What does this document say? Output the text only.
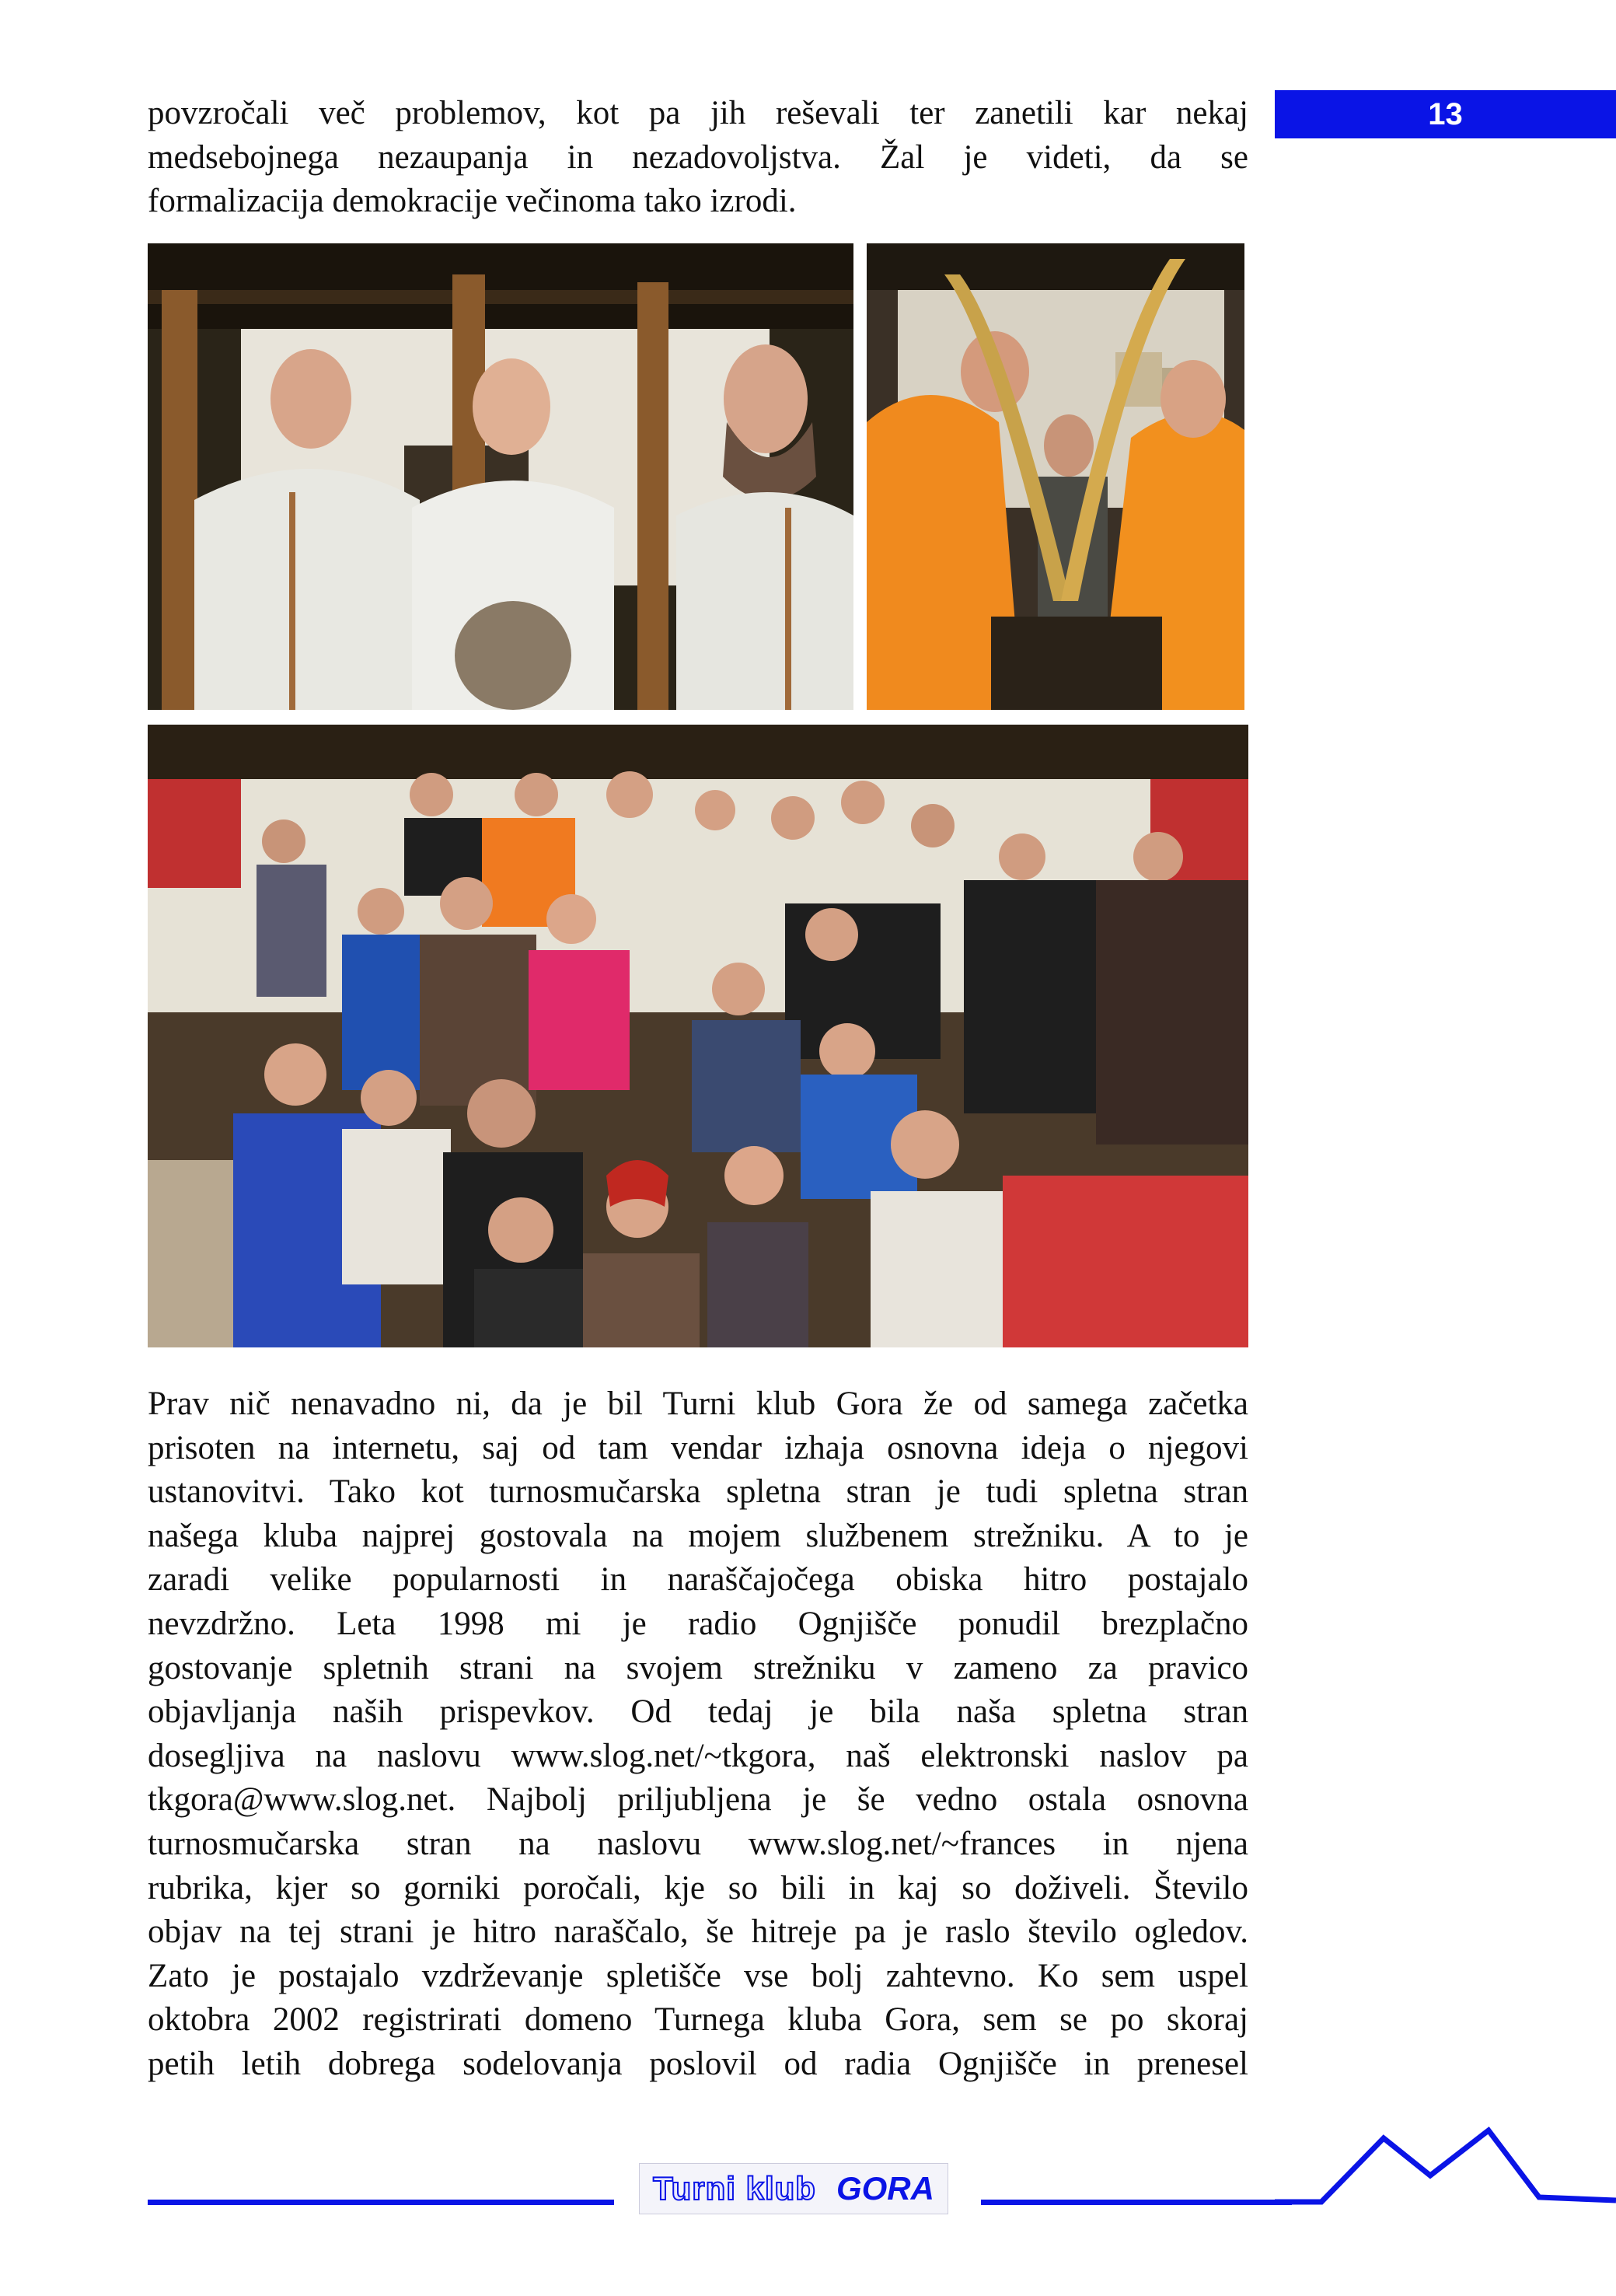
13
povzročali več problemov, kot pa jih reševali ter zanetili kar nekaj
medsebojnega nezaupanja in nezadovoljstva. Žal je videti, da se
formalizacija demokracije večinoma tako izrodi.
Prav nič nenavadno ni, da je bil Turni klub Gora že od samega začetka
prisoten na internetu, saj od tam vendar izhaja osnovna ideja o njegovi
ustanovitvi. Tako kot turnosmučarska spletna stran je tudi spletna stran
našega kluba najprej gostovala na mojem službenem strežniku. A to je
zaradi velike popularnosti in naraščajočega obiska hitro postajalo
nevzdržno. Leta 1998 mi je radio Ognjišče ponudil brezplačno
gostovanje spletnih strani na svojem strežniku v zameno za pravico
objavljanja naših prispevkov. Od tedaj je bila naša spletna stran
dosegljiva na naslovu www.slog.net/~tkgora, naš elektronski naslov pa
tkgora@www.slog.net. Najbolj priljubljena je še vedno ostala osnovna
turnosmučarska stran na naslovu www.slog.net/~frances in njena
rubrika, kjer so gorniki poročali, kje so bili in kaj so doživeli. Število
objav na tej strani je hitro naraščalo, še hitreje pa je raslo število ogledov.
Zato je postajalo vzdrževanje spletišče vse bolj zahtevno. Ko sem uspel
oktobra 2002 registrirati domeno Turnega kluba Gora, sem se po skoraj
petih letih dobrega sodelovanja poslovil od radia Ognjišče in prenesel
Turni klub GORA
